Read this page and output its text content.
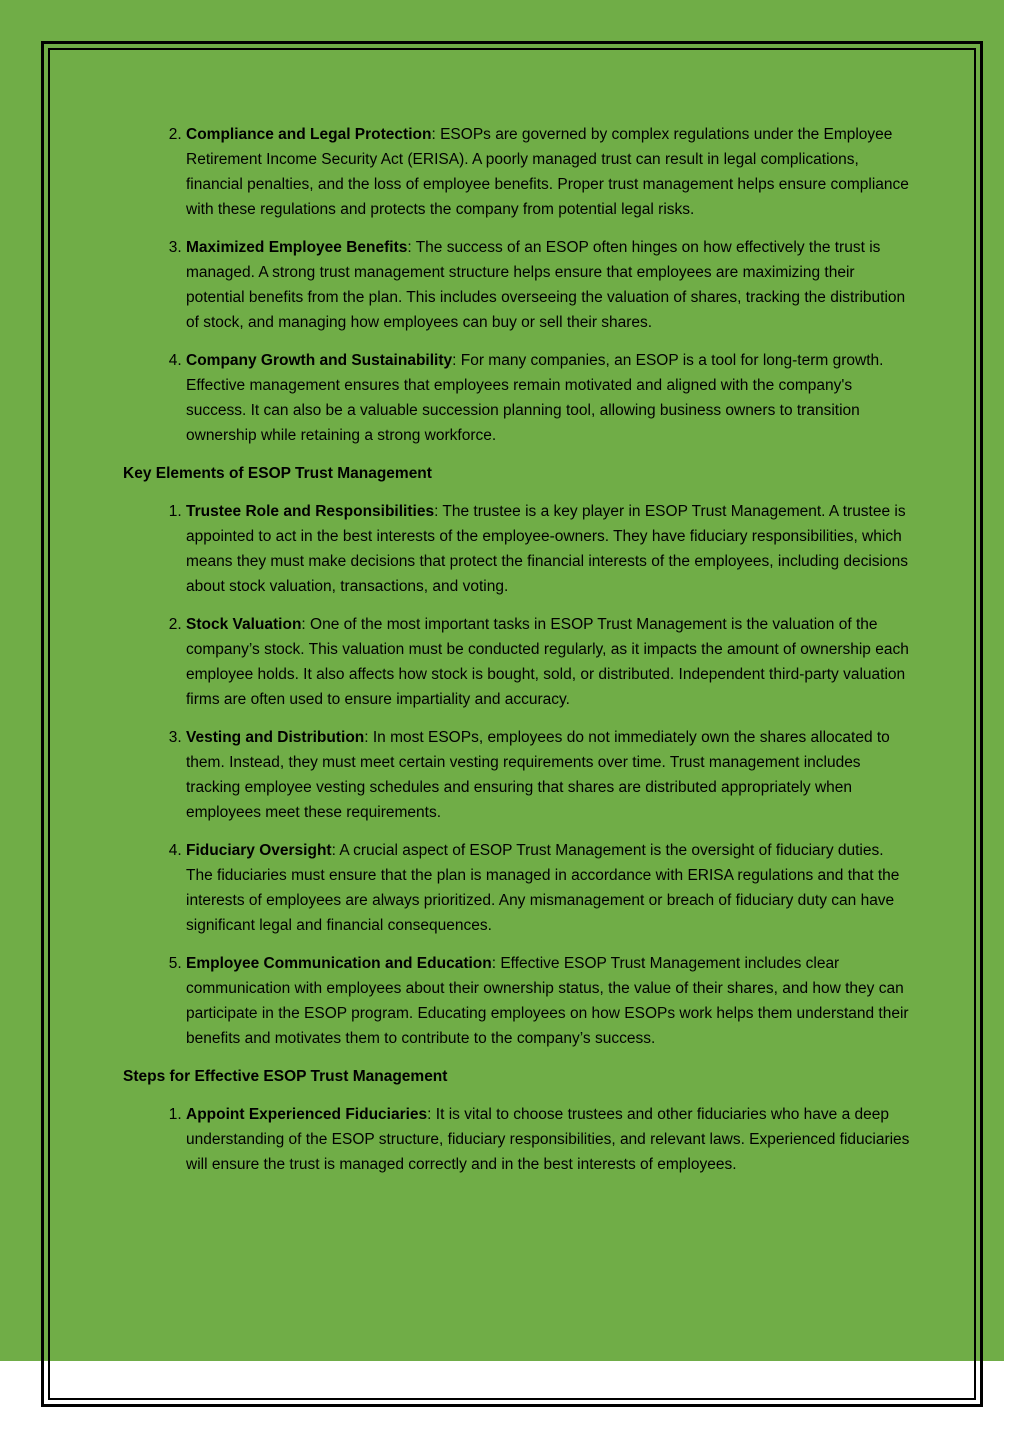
2. Compliance and Legal Protection: ESOPs are governed by complex regulations under the Employee Retirement Income Security Act (ERISA). A poorly managed trust can result in legal complications, financial penalties, and the loss of employee benefits. Proper trust management helps ensure compliance with these regulations and protects the company from potential legal risks.
3. Maximized Employee Benefits: The success of an ESOP often hinges on how effectively the trust is managed. A strong trust management structure helps ensure that employees are maximizing their potential benefits from the plan. This includes overseeing the valuation of shares, tracking the distribution of stock, and managing how employees can buy or sell their shares.
4. Company Growth and Sustainability: For many companies, an ESOP is a tool for long-term growth. Effective management ensures that employees remain motivated and aligned with the company's success. It can also be a valuable succession planning tool, allowing business owners to transition ownership while retaining a strong workforce.
Key Elements of ESOP Trust Management
1. Trustee Role and Responsibilities: The trustee is a key player in ESOP Trust Management. A trustee is appointed to act in the best interests of the employee-owners. They have fiduciary responsibilities, which means they must make decisions that protect the financial interests of the employees, including decisions about stock valuation, transactions, and voting.
2. Stock Valuation: One of the most important tasks in ESOP Trust Management is the valuation of the company’s stock. This valuation must be conducted regularly, as it impacts the amount of ownership each employee holds. It also affects how stock is bought, sold, or distributed. Independent third-party valuation firms are often used to ensure impartiality and accuracy.
3. Vesting and Distribution: In most ESOPs, employees do not immediately own the shares allocated to them. Instead, they must meet certain vesting requirements over time. Trust management includes tracking employee vesting schedules and ensuring that shares are distributed appropriately when employees meet these requirements.
4. Fiduciary Oversight: A crucial aspect of ESOP Trust Management is the oversight of fiduciary duties. The fiduciaries must ensure that the plan is managed in accordance with ERISA regulations and that the interests of employees are always prioritized. Any mismanagement or breach of fiduciary duty can have significant legal and financial consequences.
5. Employee Communication and Education: Effective ESOP Trust Management includes clear communication with employees about their ownership status, the value of their shares, and how they can participate in the ESOP program. Educating employees on how ESOPs work helps them understand their benefits and motivates them to contribute to the company’s success.
Steps for Effective ESOP Trust Management
1. Appoint Experienced Fiduciaries: It is vital to choose trustees and other fiduciaries who have a deep understanding of the ESOP structure, fiduciary responsibilities, and relevant laws. Experienced fiduciaries will ensure the trust is managed correctly and in the best interests of employees.
